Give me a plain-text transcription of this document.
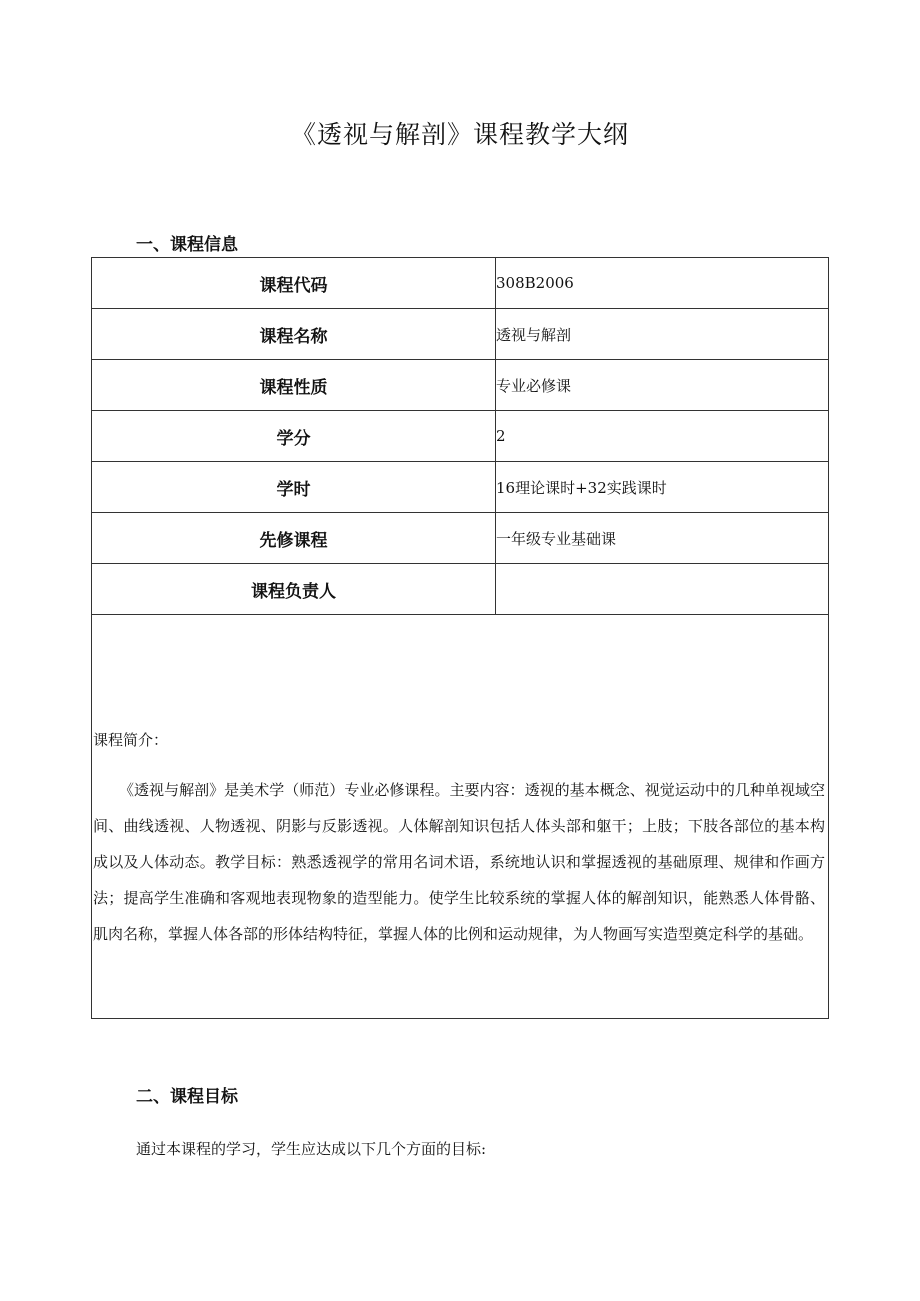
《透视与解剖》课程教学大纲
一、课程信息
课程代码	308B2006
课程名称	透视与解剖
课程性质	专业必修课
学分	2
学时	16理论课时+32实践课时
先修课程	一年级专业基础课
课程负责人	

课程简介：
《透视与解剖》是美术学（师范）专业必修课程。主要内容：透视的基本概念、视觉运动中的几种单视域空间、曲线透视、人物透视、阴影与反影透视。人体解剖知识包括人体头部和躯干；上肢；下肢各部位的基本构成以及人体动态。教学目标：熟悉透视学的常用名词术语，系统地认识和掌握透视的基础原理、规律和作画方法；提高学生准确和客观地表现物象的造型能力。使学生比较系统的掌握人体的解剖知识，能熟悉人体骨骼、肌肉名称，掌握人体各部的形体结构特征，掌握人体的比例和运动规律，为人物画写实造型奠定科学的基础。	
二、课程目标
通过本课程的学习，学生应达成以下几个方面的目标:
